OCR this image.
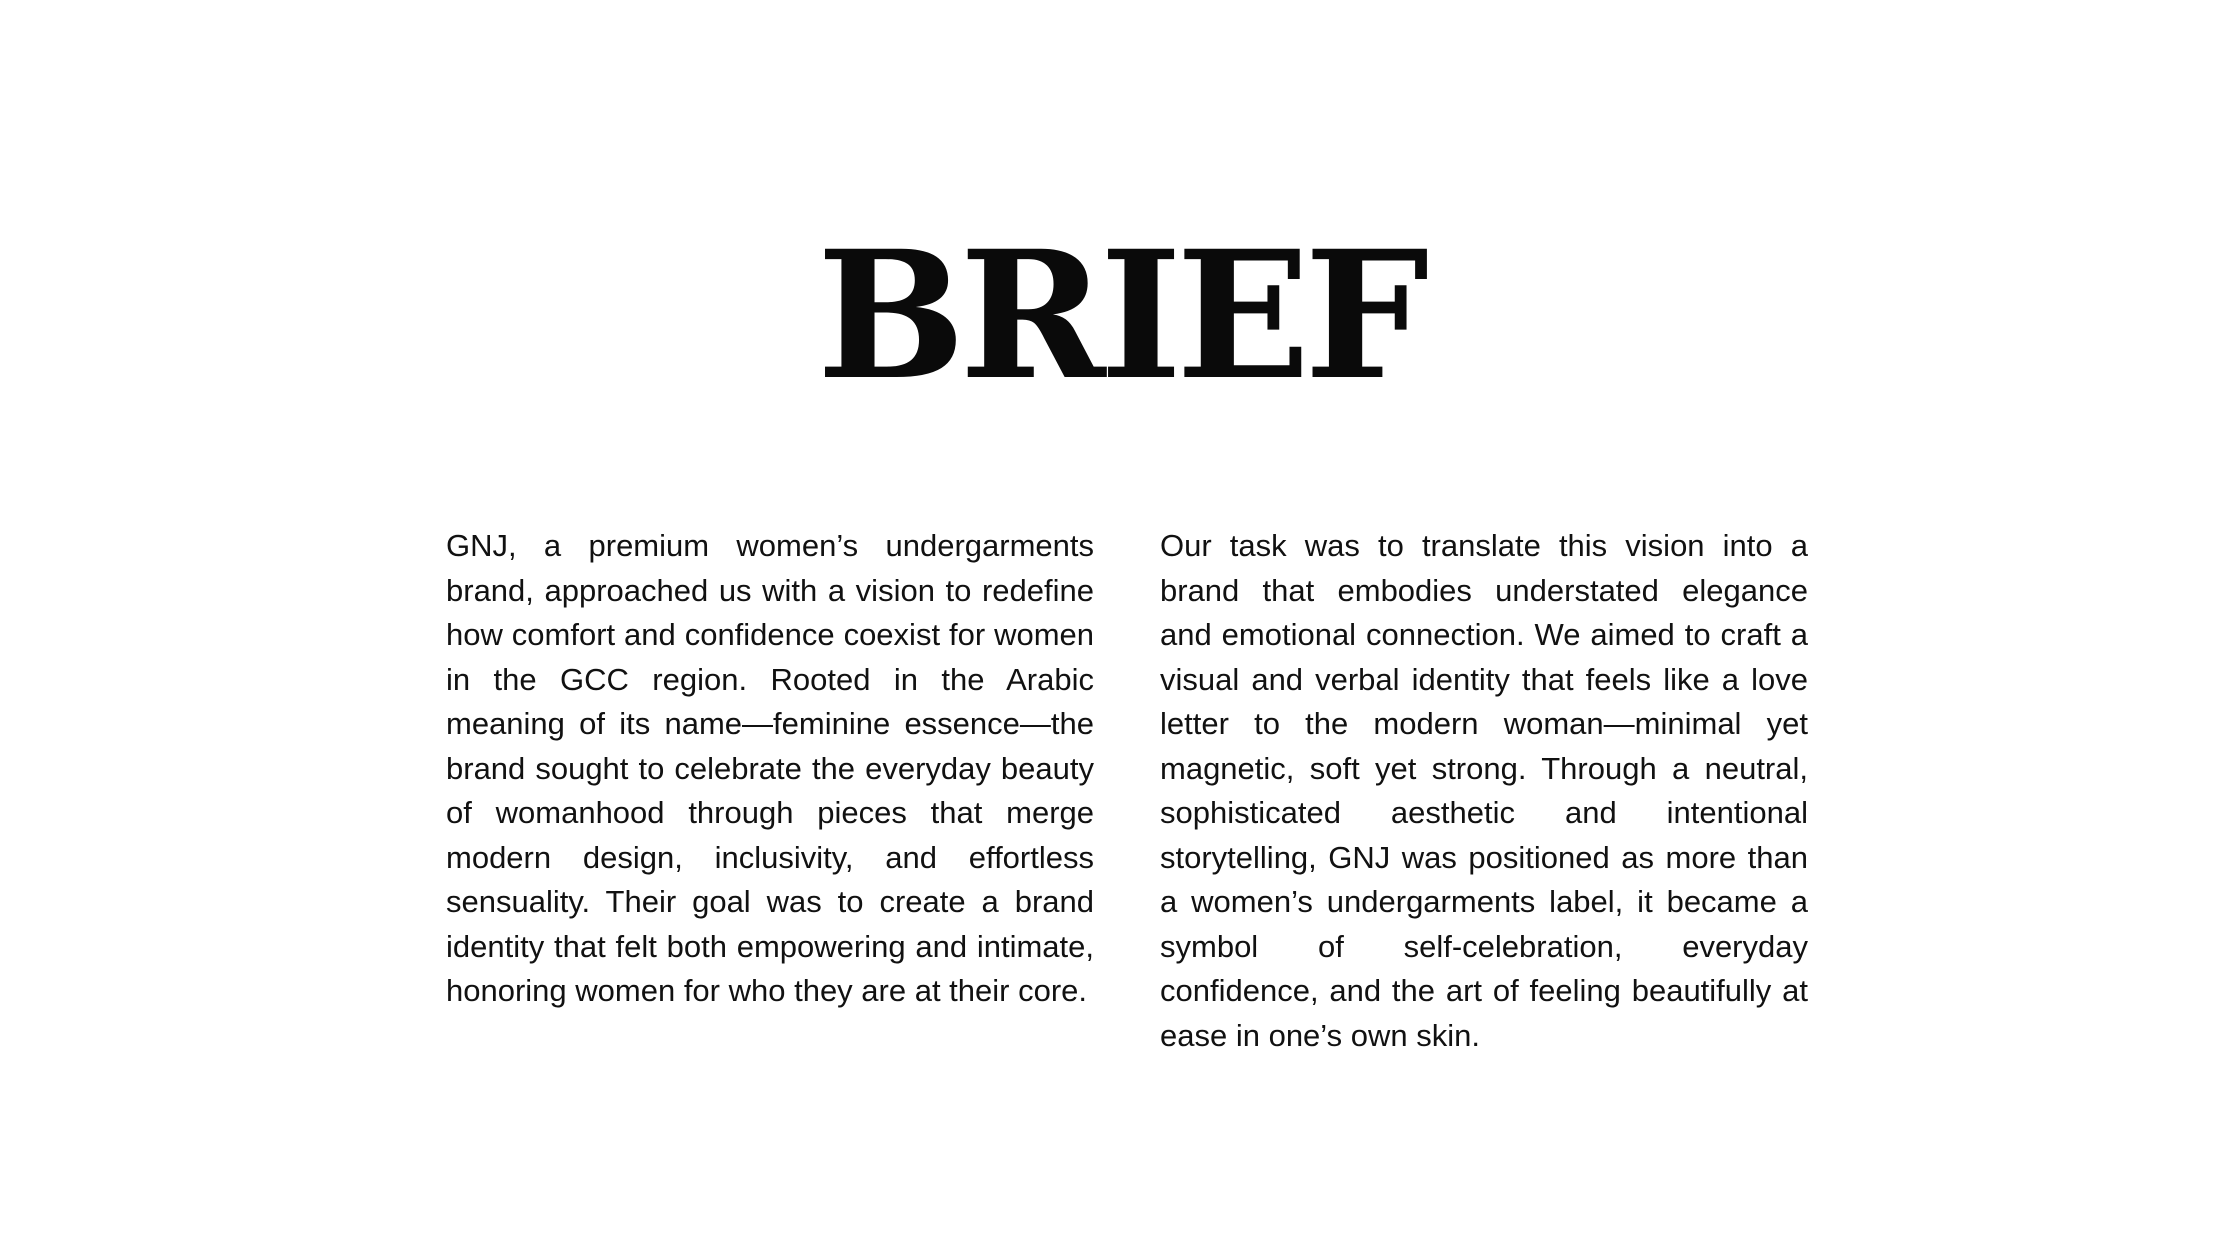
BRIEF

GNJ, a premium women’s undergarments brand, approached us with a vision to redefine how comfort and confidence coexist for women in the GCC region. Rooted in the Arabic meaning of its name—feminine essence—the brand sought to celebrate the everyday beauty of womanhood through pieces that merge modern design, inclusivity, and effortless sensuality. Their goal was to create a brand identity that felt both empowering and intimate, honoring women for who they are at their core.

Our task was to translate this vision into a brand that embodies understated elegance and emotional connection. We aimed to craft a visual and verbal identity that feels like a love letter to the modern woman—minimal yet magnetic, soft yet strong. Through a neutral, sophisticated aesthetic and intentional storytelling, GNJ was positioned as more than a women’s undergarments label, it became a symbol of self-celebration, everyday confidence, and the art of feeling beautifully at ease in one’s own skin.
